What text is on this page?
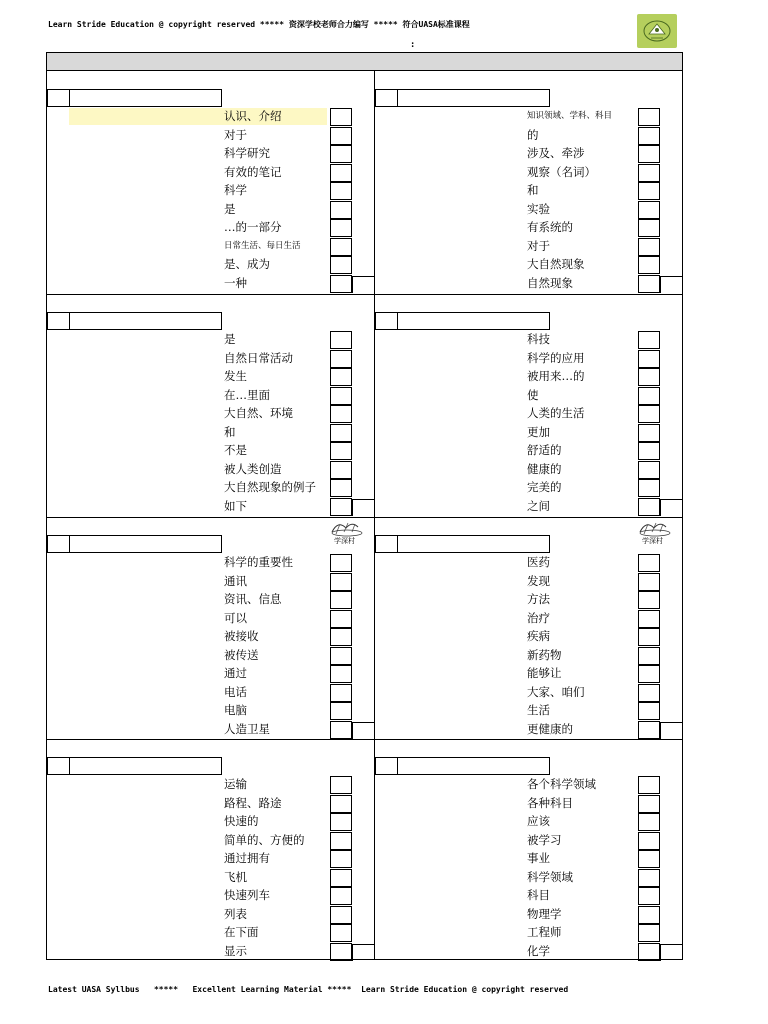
Learn Stride Education @ copyright reserved ***** 资深学校老师合力编写 ***** 符合UASA标准课程
:
认识、介绍
对于
科学研究
有效的笔记
科学
是
…的一部分
日常生活、每日生活
是、成为
一种
知识领域、学科、科目
的
涉及、牵涉
观察（名词）
和
实验
有系统的
对于
大自然现象
自然现象
是
自然日常活动
发生
在…里面
大自然、环境
和
不是
被人类创造
大自然现象的例子
如下
科技
科学的应用
被用来…的
使
人类的生活
更加
舒适的
健康的
完美的
之间
科学的重要性
通讯
资讯、信息
可以
被接收
被传送
通过
电话
电脑
人造卫星
学深村
医药
发现
方法
治疗
疾病
新药物
能够让
大家、咱们
生活
更健康的
学深村
运输
路程、路途
快速的
简单的、方便的
通过拥有
飞机
快速列车
列表
在下面
显示
各个科学领域
各种科目
应该
被学习
事业
科学领域
科目
物理学
工程师
化学
Latest UASA Syllbus   *****   Excellent Learning Material *****  Learn Stride Education @ copyright reserved
